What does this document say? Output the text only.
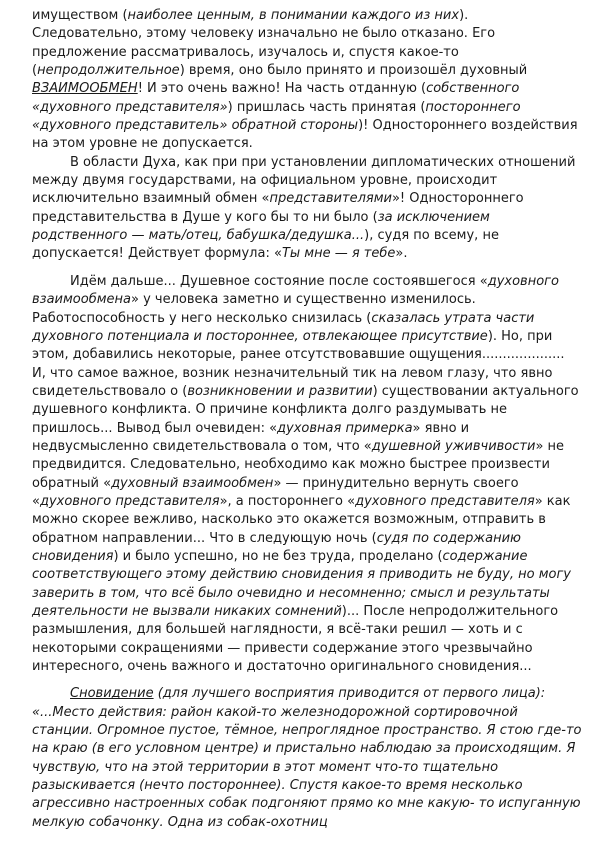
имуществом (наиболее ценным, в понимании каждого из них). Следовательно, этому человеку изначально не было отказано. Его предложение рассматривалось, изучалось и, спустя какое-то (непродолжительное) время, оно было принято и произошёл духовный ВЗАИМООБМЕН! И это очень важно! На часть отданную (собственного «духовного представителя») пришлась часть принятая (постороннего «духовного представитель» обратной стороны)! Одностороннего воздействия на этом уровне не допускается.

В области Духа, как при при установлении дипломатических отношений между двумя государствами, на официальном уровне, происходит исключительно взаимный обмен «представителями»! Одностороннего представительства в Душе у кого бы то ни было (за исключением родственного — мать/отец, бабушка/дедушка...), судя по всему, не допускается! Действует формула: «Ты мне — я тебе».

Идём дальше... Душевное состояние после состоявшегося «духовного взаимообмена» у человека заметно и существенно изменилось. Работоспособность у него несколько снизилась (сказалась утрата части духовного потенциала и постороннее, отвлекающее присутствие). Но, при этом, добавились некоторые, ранее отсутствовавшие ощущения.................... И, что самое важное, возник незначительный тик на левом глазу, что явно свидетельствовало о (возникновении и развитии) существовании актуального душевного конфликта. О причине конфликта долго раздумывать не пришлось... Вывод был очевиден: «духовная примерка» явно и недвусмысленно свидетельствовала о том, что «душевной уживчивости» не предвидится. Следовательно, необходимо как можно быстрее произвести обратный «духовный взаимообмен» — принудительно вернуть своего «духовного представителя», а постороннего «духовного представителя» как можно скорее вежливо, насколько это окажется возможным, отправить в обратном направлении... Что в следующую ночь (судя по содержанию сновидения) и было успешно, но не без труда, проделано (содержание соответствующего этому действию сновидения я приводить не буду, но могу заверить в том, что всё было очевидно и несомненно; смысл и результаты деятельности не вызвали никаких сомнений)... После непродолжительного размышления, для большей наглядности, я всё-таки решил — хоть и с некоторыми сокращениями — привести содержание этого чрезвычайно интересного, очень важного и достаточно оригинального сновидения...

Сновидение (для лучшего восприятия приводится от первого лица):

«...Место действия: район какой-то железнодорожной сортировочной станции. Огромное пустое, тёмное, непроглядное пространство. Я стою где-то на краю (в его условном центре) и пристально наблюдаю за происходящим. Я чувствую, что на этой территории в этот момент что-то тщательно разыскивается (нечто постороннее). Спустя какое-то время несколько агрессивно настроенных собак подгоняют прямо ко мне какую- то испуганную мелкую собачонку. Одна из собак-охотниц
